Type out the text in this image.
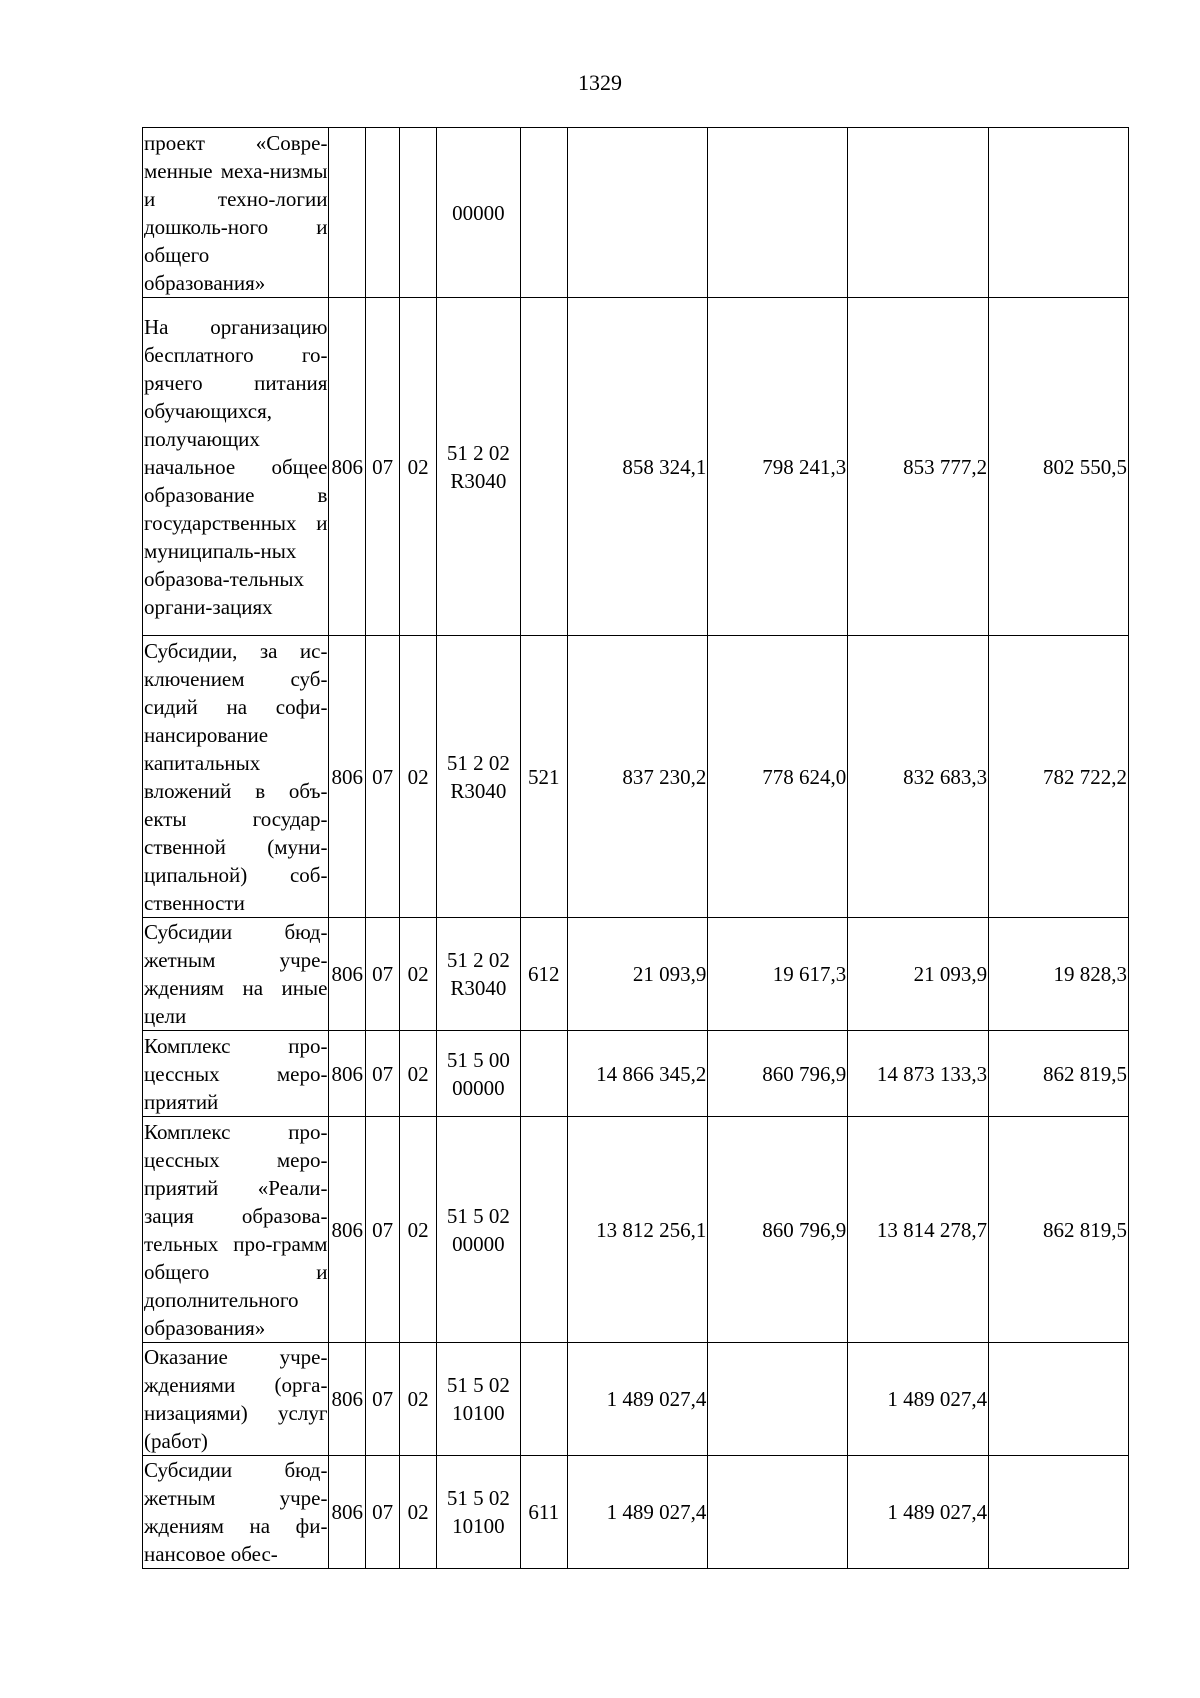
1329
проект «Совре-менные меха-низмы и техно-логии дошколь-ного и общего образования»				00000					
На организацию бесплатного го-рячего питания обучающихся, получающих начальное общее образование в государственных и муниципаль-ных образова-тельных органи-зациях	806	07	02	51 2 02 R3040		858 324,1	798 241,3	853 777,2	802 550,5
Субсидии, за ис-ключением суб-сидий на софи-нансирование капитальных вложений в объ-екты государ-ственной (муни-ципальной) соб-ственности	806	07	02	51 2 02 R3040	521	837 230,2	778 624,0	832 683,3	782 722,2
Субсидии бюд-жетным учре-ждениям на иные цели	806	07	02	51 2 02 R3040	612	21 093,9	19 617,3	21 093,9	19 828,3
Комплекс про-цессных меро-приятий	806	07	02	51 5 00 00000		14 866 345,2	860 796,9	14 873 133,3	862 819,5
Комплекс про-цессных меро-приятий «Реали-зация образова-тельных про-грамм общего и дополнительного образования»	806	07	02	51 5 02 00000		13 812 256,1	860 796,9	13 814 278,7	862 819,5
Оказание учре-ждениями (орга-низациями) услуг (работ)	806	07	02	51 5 02 10100		1 489 027,4		1 489 027,4	
Субсидии бюд-жетным учре-ждениям на фи-нансовое обес-	806	07	02	51 5 02 10100	611	1 489 027,4		1 489 027,4	
